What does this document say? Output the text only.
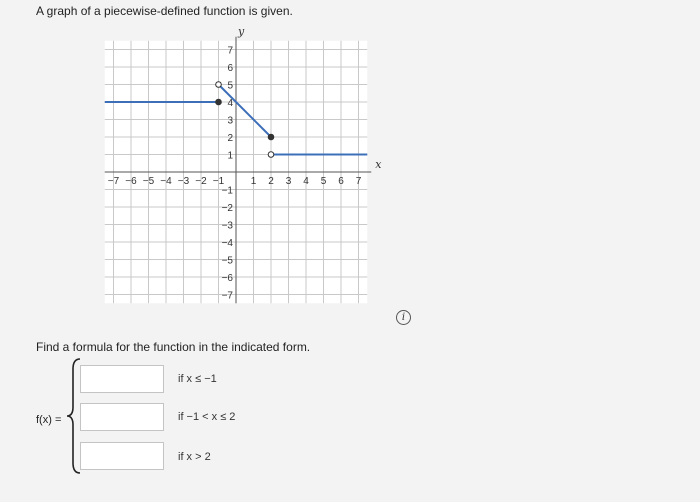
A graph of a piecewise-defined function is given.
x
y
−7 −6 −5 −4 −3 −2 −1	1 2 3 4 5 6 7
7
6
5
4
3
2
1
−1
−2
−3
−4
−5
−6
−7
i
Find a formula for the function in the indicated form.
f(x) =
if x ≤ −1
if −1 < x ≤ 2
if x > 2
